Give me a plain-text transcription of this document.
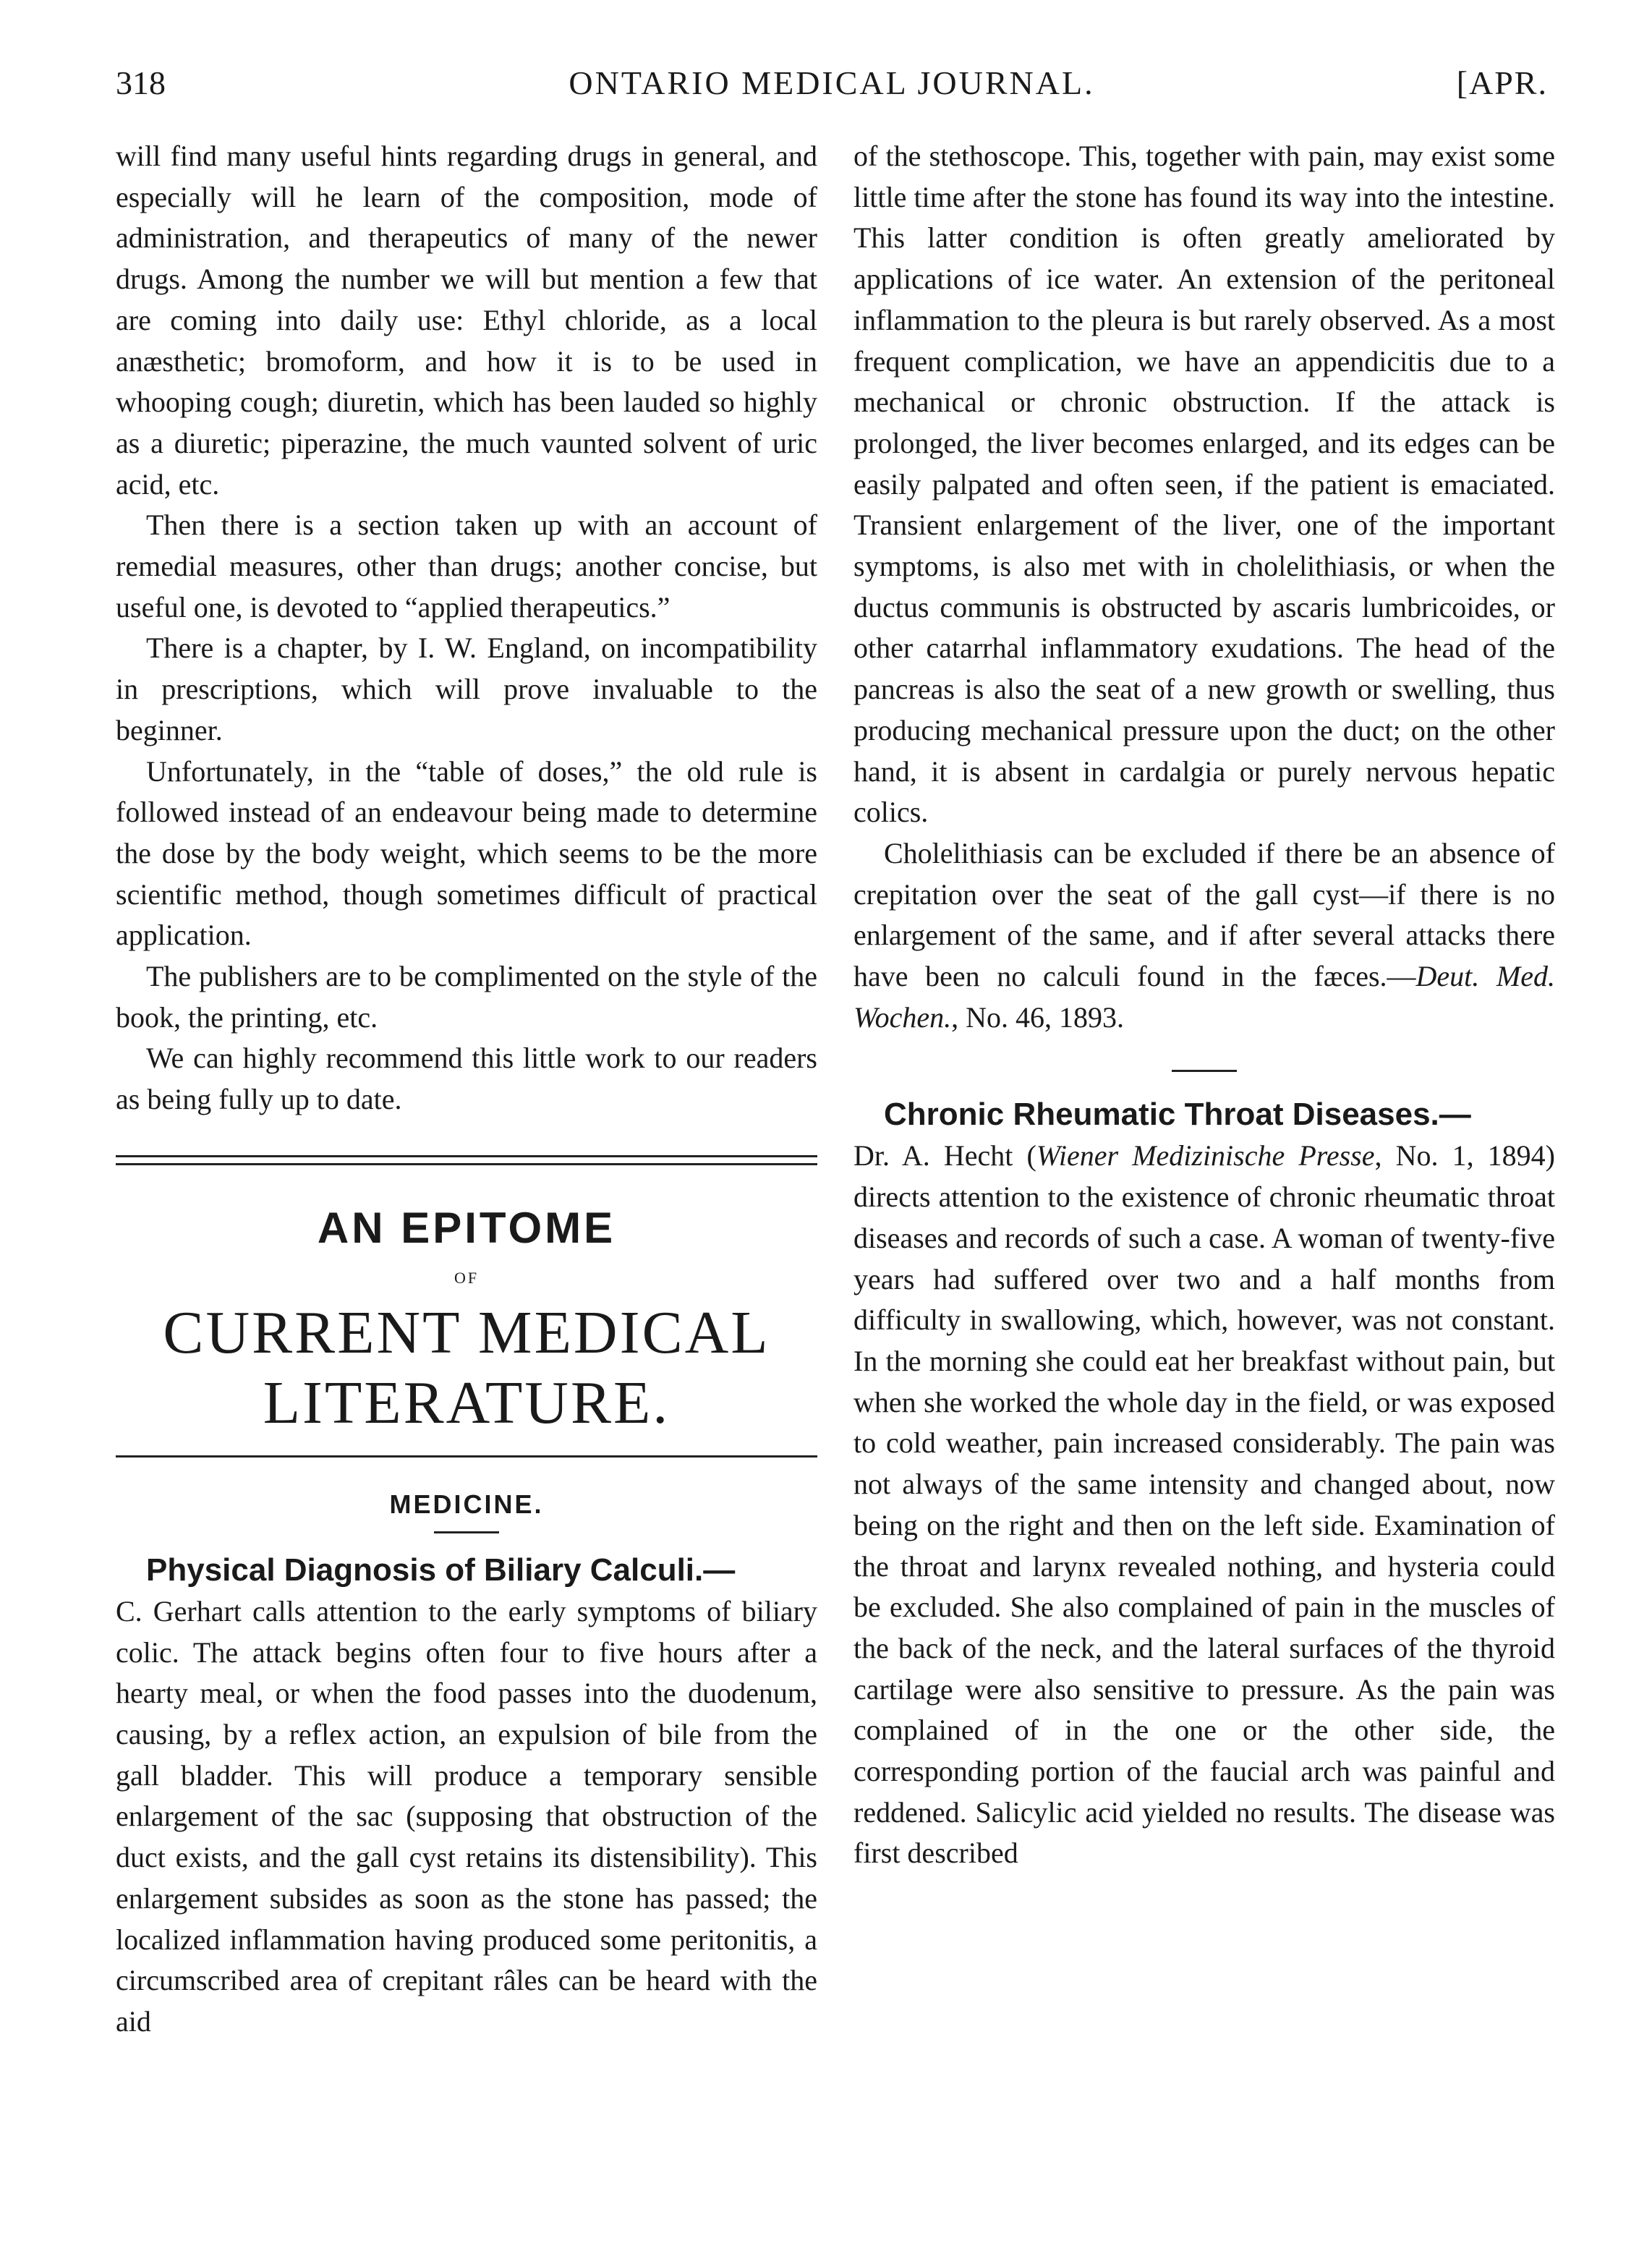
318	ONTARIO MEDICAL JOURNAL.	[APR.

will find many useful hints regarding drugs in general, and especially will he learn of the composition, mode of administration, and therapeutics of many of the newer drugs. Among the number we will but mention a few that are coming into daily use: Ethyl chloride, as a local anæsthetic; bromoform, and how it is to be used in whooping cough; diuretin, which has been lauded so highly as a diuretic; piperazine, the much vaunted solvent of uric acid, etc.

Then there is a section taken up with an account of remedial measures, other than drugs; another concise, but useful one, is devoted to “applied therapeutics.”

There is a chapter, by I. W. England, on incompatibility in prescriptions, which will prove invaluable to the beginner.

Unfortunately, in the “table of doses,” the old rule is followed instead of an endeavour being made to determine the dose by the body weight, which seems to be the more scientific method, though sometimes difficult of practical application.

The publishers are to be complimented on the style of the book, the printing, etc.

We can highly recommend this little work to our readers as being fully up to date.

AN EPITOME
OF
CURRENT MEDICAL LITERATURE.
MEDICINE.
Physical Diagnosis of Biliary Calculi.—

C. Gerhart calls attention to the early symptoms of biliary colic. The attack begins often four to five hours after a hearty meal, or when the food passes into the duodenum, causing, by a reflex action, an expulsion of bile from the gall bladder. This will produce a temporary sensible enlargement of the sac (supposing that obstruction of the duct exists, and the gall cyst retains its distensibility). This enlargement subsides as soon as the stone has passed; the localized inflammation having produced some peritonitis, a circumscribed area of crepitant râles can be heard with the aid

of the stethoscope. This, together with pain, may exist some little time after the stone has found its way into the intestine. This latter condition is often greatly ameliorated by applications of ice water. An extension of the peritoneal inflammation to the pleura is but rarely observed. As a most frequent complication, we have an appendicitis due to a mechanical or chronic obstruction. If the attack is prolonged, the liver becomes enlarged, and its edges can be easily palpated and often seen, if the patient is emaciated. Transient enlargement of the liver, one of the important symptoms, is also met with in cholelithiasis, or when the ductus communis is obstructed by ascaris lumbricoides, or other catarrhal inflammatory exudations. The head of the pancreas is also the seat of a new growth or swelling, thus producing mechanical pressure upon the duct; on the other hand, it is absent in cardalgia or purely nervous hepatic colics.

Cholelithiasis can be excluded if there be an absence of crepitation over the seat of the gall cyst—if there is no enlargement of the same, and if after several attacks there have been no calculi found in the fæces.—Deut. Med. Wochen., No. 46, 1893.

Chronic Rheumatic Throat Diseases.—

Dr. A. Hecht (Wiener Medizinische Presse, No. 1, 1894) directs attention to the existence of chronic rheumatic throat diseases and records of such a case. A woman of twenty-five years had suffered over two and a half months from difficulty in swallowing, which, however, was not constant. In the morning she could eat her breakfast without pain, but when she worked the whole day in the field, or was exposed to cold weather, pain increased considerably. The pain was not always of the same intensity and changed about, now being on the right and then on the left side. Examination of the throat and larynx revealed nothing, and hysteria could be excluded. She also complained of pain in the muscles of the back of the neck, and the lateral surfaces of the thyroid cartilage were also sensitive to pressure. As the pain was complained of in the one or the other side, the corresponding portion of the faucial arch was painful and reddened. Salicylic acid yielded no results. The disease was first described
